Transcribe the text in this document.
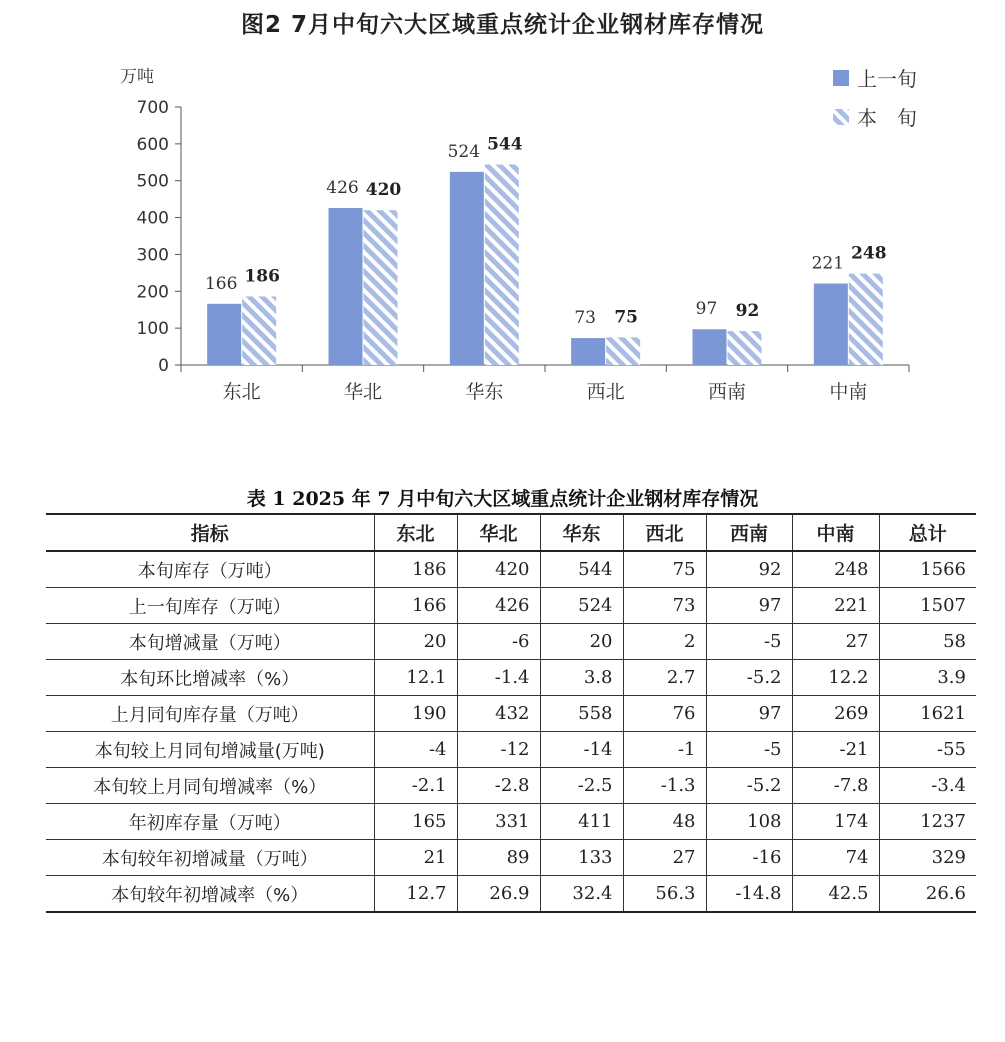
0
100
200
300
400
500
600
700
万吨
东北	华北	华东	西北	西南	中南
166 186
426 420
524 544
73 75	97 92
221 248
上一旬
本　旬
图2 7月中旬六大区域重点统计企业钢材库存情况
表 1 2025 年 7 月中旬六大区域重点统计企业钢材库存情况
指标	东北	华北	华东	西北	西南	中南	总计
本旬库存（万吨）	186	420	544	75	92	248	1566
上一旬库存（万吨）	166	426	524	73	97	221	1507
本旬增减量（万吨）	20	-6	20	2	-5	27	58
本旬环比增减率（%）	12.1	-1.4	3.8	2.7	-5.2	12.2	3.9
上月同旬库存量（万吨）	190	432	558	76	97	269	1621
本旬较上月同旬增减量(万吨)	-4	-12	-14	-1	-5	-21	-55
本旬较上月同旬增减率（%）	-2.1	-2.8	-2.5	-1.3	-5.2	-7.8	-3.4
年初库存量（万吨）	165	331	411	48	108	174	1237
本旬较年初增减量（万吨）	21	89	133	27	-16	74	329
本旬较年初增减率（%）	12.7	26.9	32.4	56.3	-14.8	42.5	26.6
